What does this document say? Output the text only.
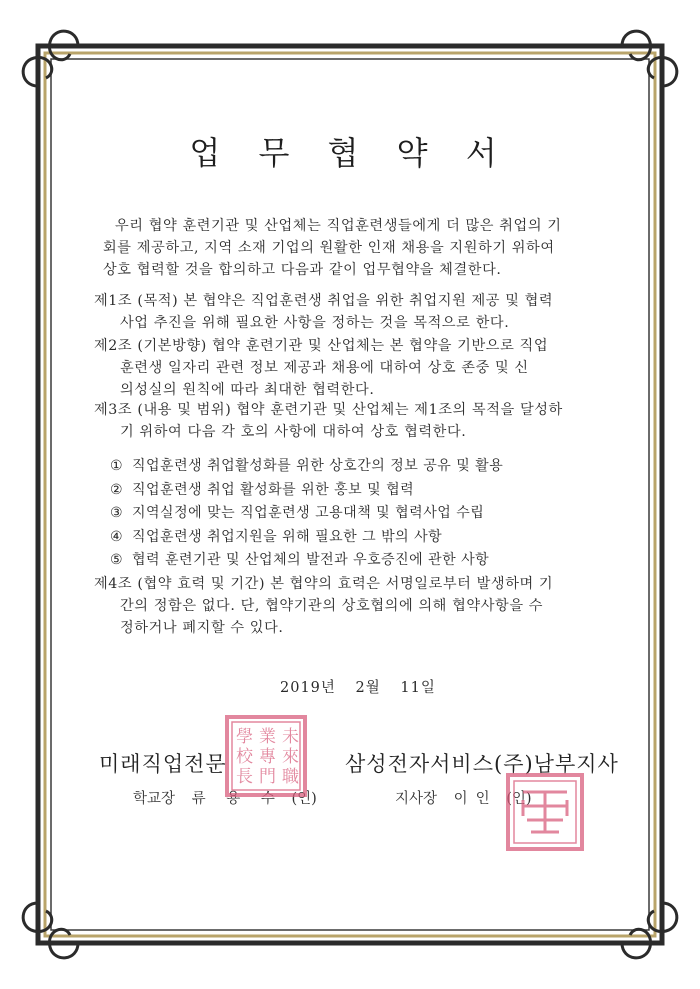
업 무 협 약 서
우리 협약 훈련기관 및 산업체는 직업훈련생들에게 더 많은 취업의 기
회를 제공하고, 지역 소재 기업의 원활한 인재 채용을 지원하기 위하여
상호 협력할 것을 합의하고 다음과 같이 업무협약을 체결한다.
제1조 (목적) 본 협약은 직업훈련생 취업을 위한 취업지원 제공 및 협력
사업 추진을 위해 필요한 사항을 정하는 것을 목적으로 한다.
제2조 (기본방향) 협약 훈련기관 및 산업체는 본 협약을 기반으로 직업
훈련생 일자리 관련 정보 제공과 채용에 대하여 상호 존중 및 신
의성실의 원칙에 따라 최대한 협력한다.
제3조 (내용 및 범위) 협약 훈련기관 및 산업체는 제1조의 목적을 달성하
기 위하여 다음 각 호의 사항에 대하여 상호 협력한다.
① 직업훈련생 취업활성화를 위한 상호간의 정보 공유 및 활용
② 직업훈련생 취업 활성화를 위한 홍보 및 협력
③ 지역실정에 맞는 직업훈련생 고용대책 및 협력사업 수립
④ 직업훈련생 취업지원을 위해 필요한 그 밖의 사항
⑤ 협력 훈련기관 및 산업체의 발전과 우호증진에 관한 사항
제4조 (협약 효력 및 기간) 본 협약의 효력은 서명일로부터 발생하며 기
간의 정함은 없다. 단, 협약기관의 상호협의에 의해 협약사항을 수
정하거나 폐지할 수 있다.
2019년 2월 11일
미래직업전문
학교장 류 용 수 (인)
未
來
職
業
專
門
學
校
長
삼성전자서비스(주)남부지사
지사장 이인 (인)
